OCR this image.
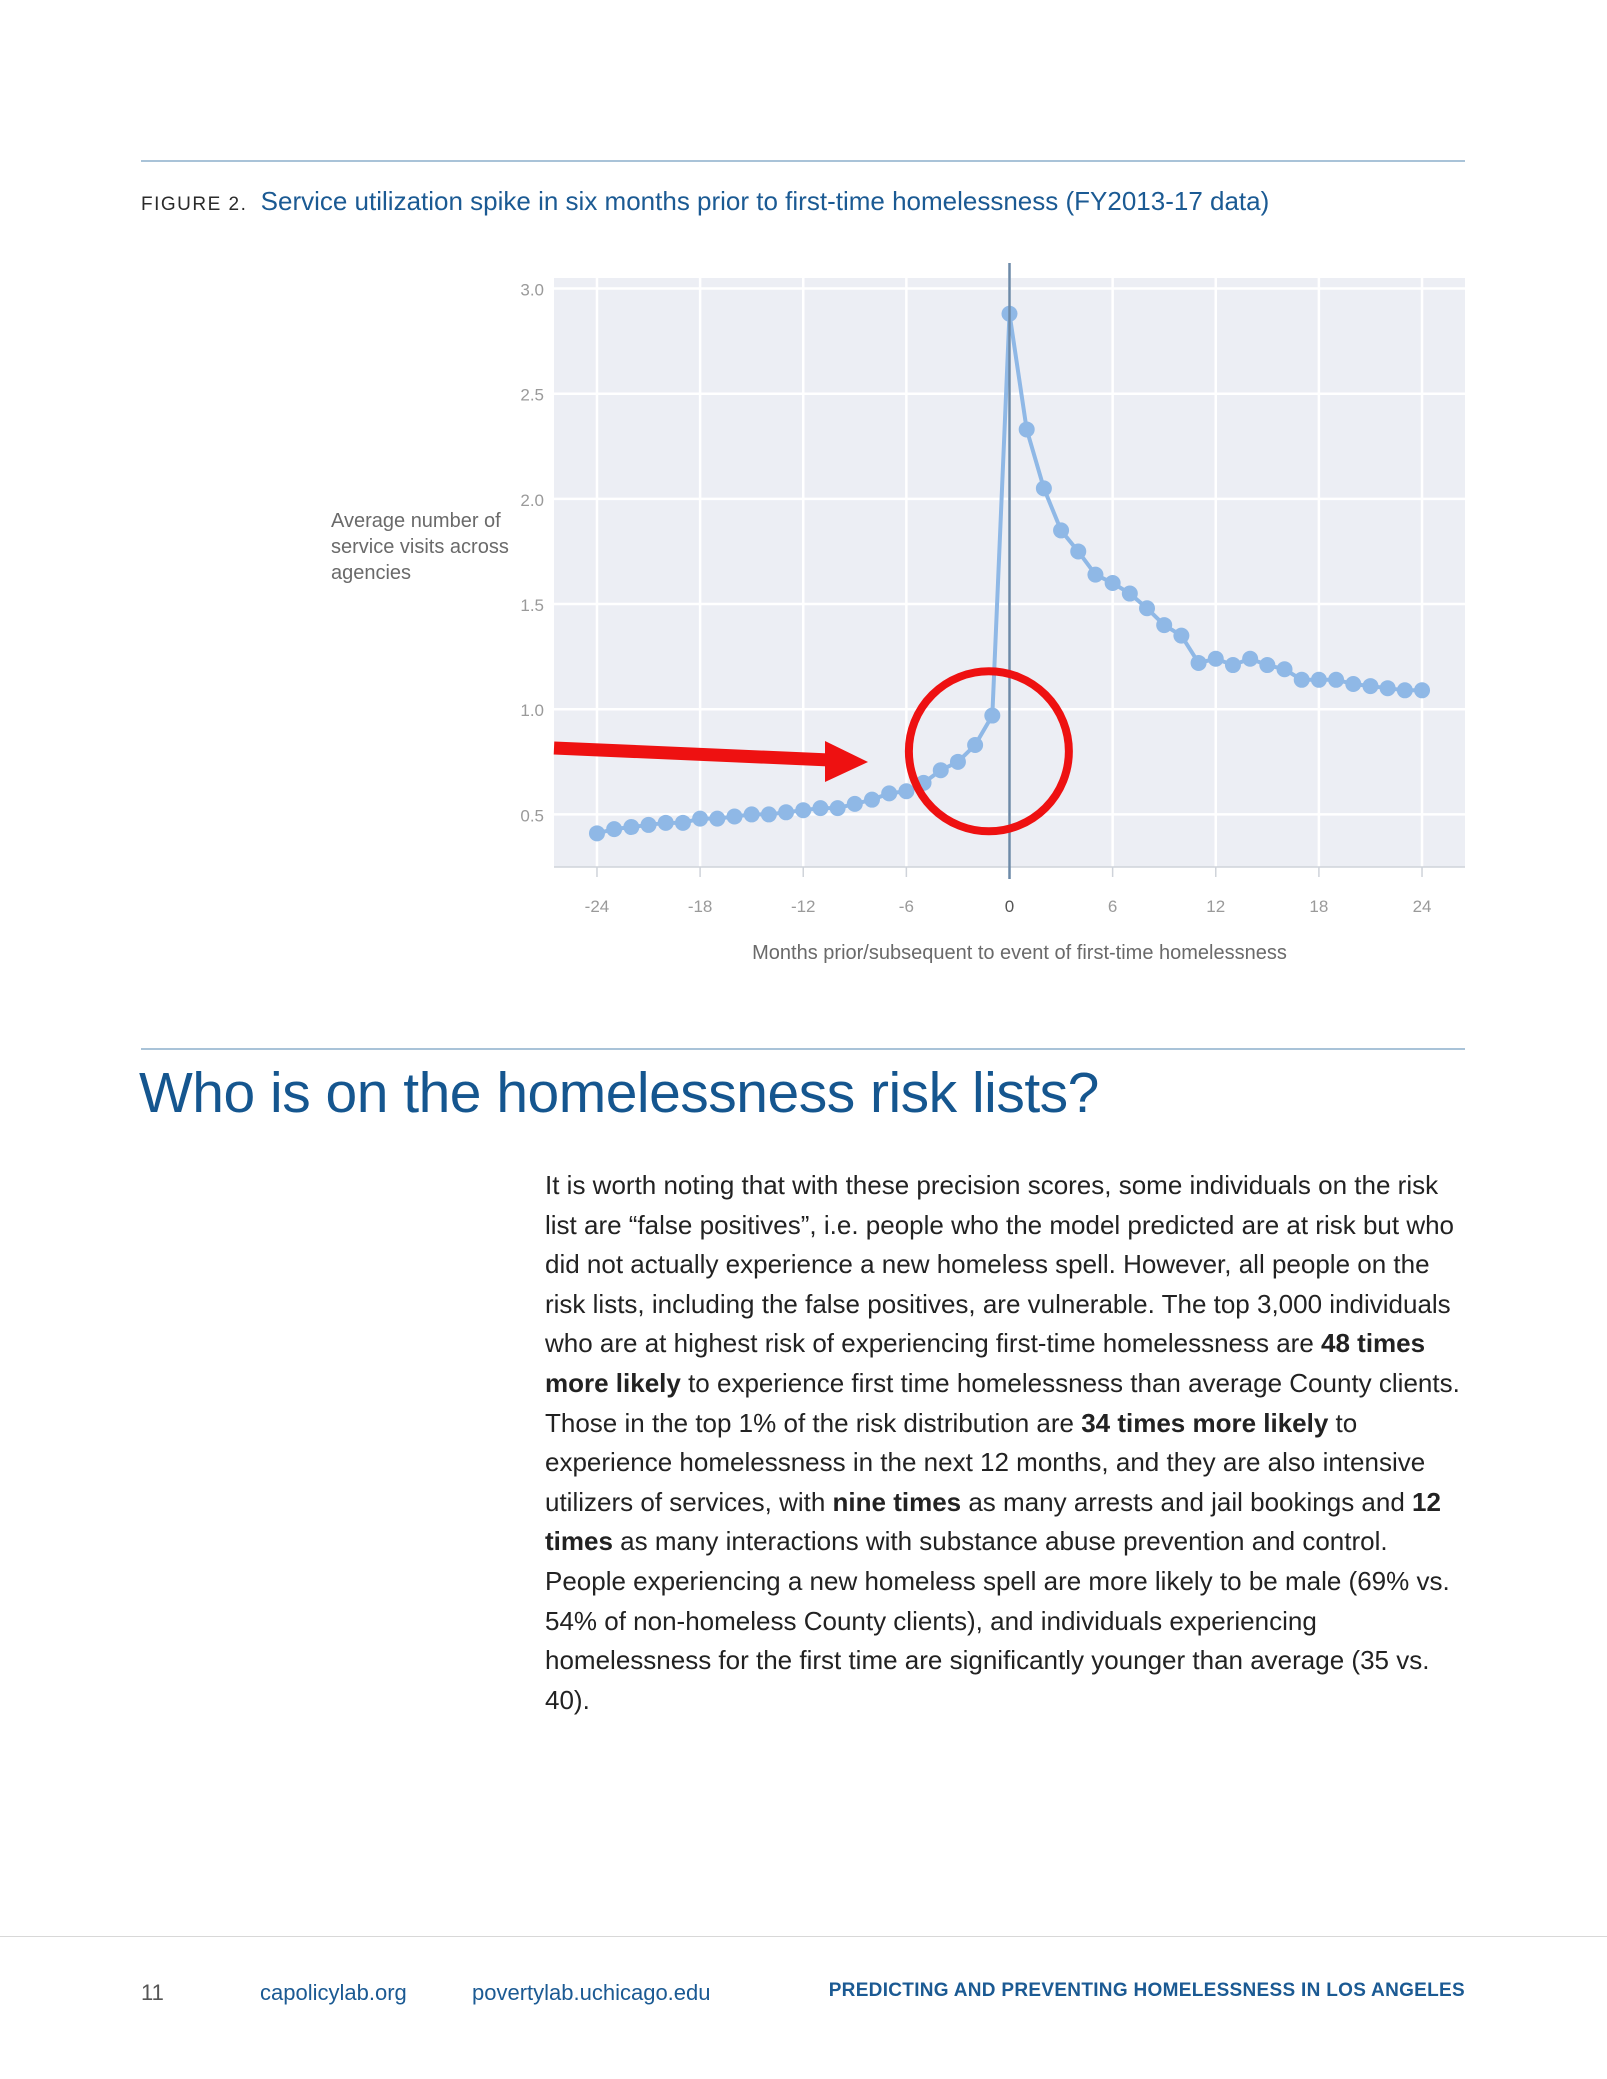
FIGURE 2. Service utilization spike in six months prior to first-time homelessness (FY2013-17 data)
Average number of service visits across agencies
0.5
1.0
1.5
2.0
2.5
3.0
-24	-18	-12	-6	0	6	12	18	24
Months prior/subsequent to event of first-time homelessness
Who is on the homelessness risk lists?
It is worth noting that with these precision scores, some individuals on the risk list are “false positives”, i.e. people who the model predicted are at risk but who did not actually experience a new homeless spell. However, all people on the risk lists, including the false positives, are vulnerable. The top 3,000 individuals who are at highest risk of experiencing first-time homelessness are 48 times more likely to experience first time homelessness than average County clients. Those in the top 1% of the risk distribution are 34 times more likely to experience homelessness in the next 12 months, and they are also intensive utilizers of services, with nine times as many arrests and jail bookings and 12 times as many interactions with substance abuse prevention and control. People experiencing a new homeless spell are more likely to be male (69% vs. 54% of non-homeless County clients), and individuals experiencing homelessness for the first time are significantly younger than average (35 vs. 40).
11	capolicylab.org	povertylab.uchicago.edu	PREDICTING AND PREVENTING HOMELESSNESS IN LOS ANGELES
